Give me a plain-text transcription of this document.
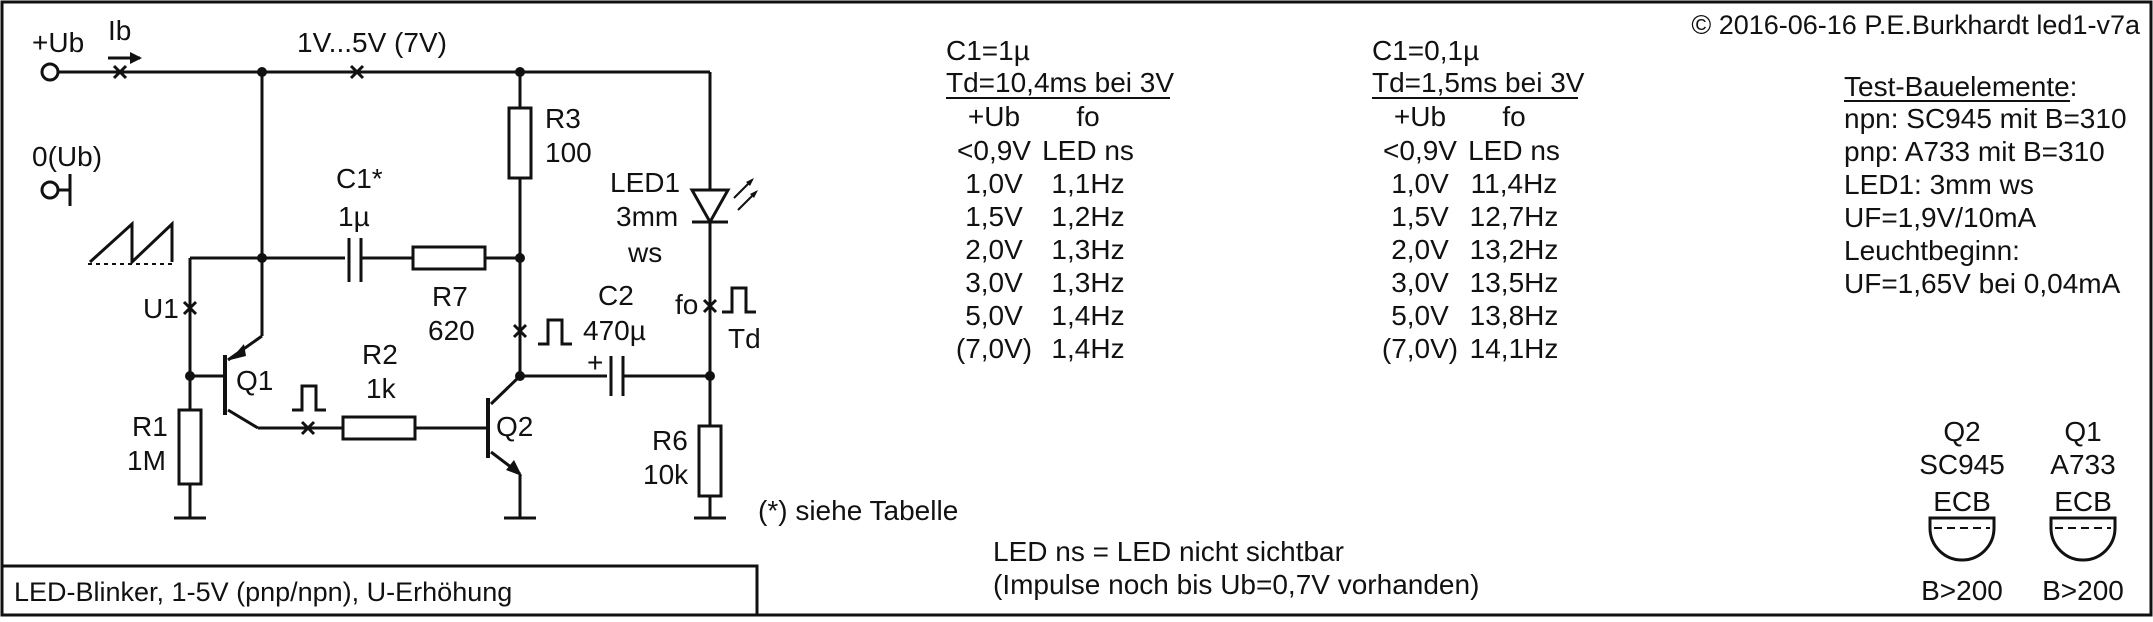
LED-Blinker, 1-5V (pnp/npn), U-Erhöhung
© 2016-06-16 P.E.Burkhardt led1-v7a
+Ub Ib	1V...5V (7V)
0(Ub)
U1
C1*
1µ
R7
620
R3
100
+
C2
470µ
LED1
3mm
ws
fo
Td
R6
10k
Q1
R1
1M
R2
1k
Q2
(*) siehe Tabelle
C1=1µ
Td=10,4ms bei 3V
+Ub fo
<0,9V LED ns
1,0V 1,1Hz
1,5V 1,2Hz
2,0V 1,3Hz
3,0V 1,3Hz
5,0V 1,4Hz
(7,0V) 1,4Hz
C1=0,1µ
Td=1,5ms bei 3V
+Ub fo
<0,9V LED ns
1,0V 11,4Hz
1,5V 12,7Hz
2,0V 13,2Hz
3,0V 13,5Hz
5,0V 13,8Hz
(7,0V) 14,1Hz
Test-Bauelemente:
npn: SC945 mit B=310
pnp: A733 mit B=310
LED1: 3mm ws
UF=1,9V/10mA
Leuchtbeginn:
UF=1,65V bei 0,04mA
LED ns = LED nicht sichtbar
(Impulse noch bis Ub=0,7V vorhanden)
Q2
SC945
ECB
B>200
Q1
A733
ECB
B>200
